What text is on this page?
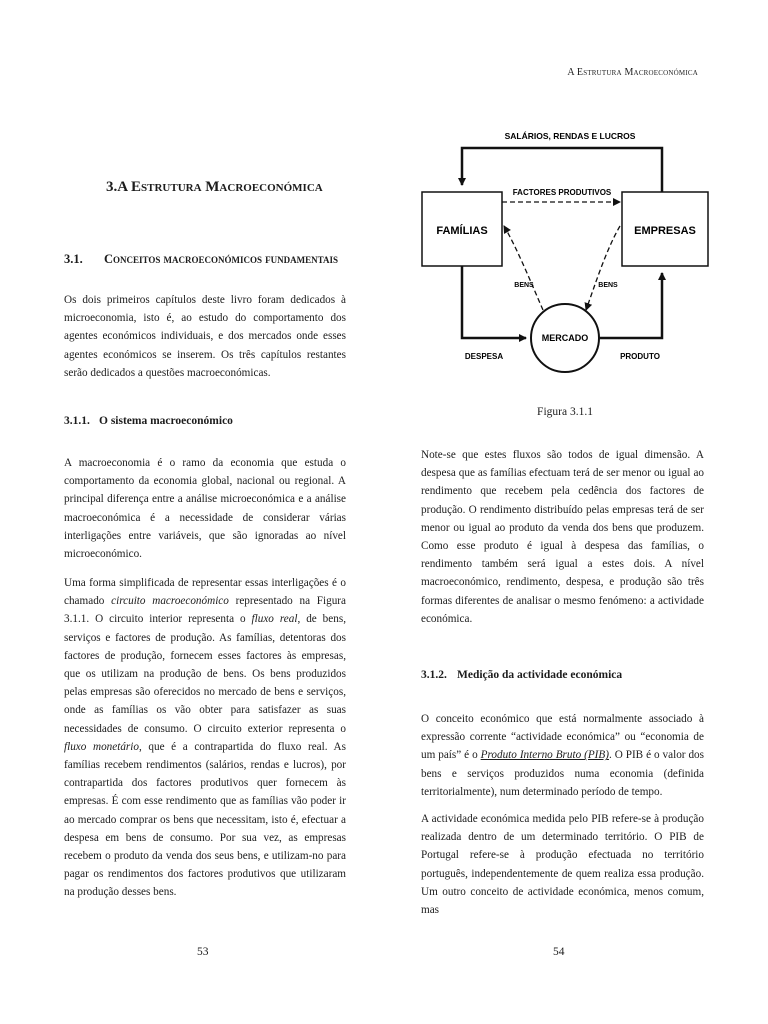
A Estrutura Macroeconómica
3.A Estrutura Macroeconómica
3.1. Conceitos macroeconómicos fundamentais
Os dois primeiros capítulos deste livro foram dedicados à microeconomia, isto é, ao estudo do comportamento dos agentes económicos individuais, e dos mercados onde esses agentes económicos se inserem. Os três capítulos restantes serão dedicados a questões macroeconómicas.
3.1.1. O sistema macroeconómico
A macroeconomia é o ramo da economia que estuda o comportamento da economia global, nacional ou regional. A principal diferença entre a análise microeconómica e a análise macroeconómica é a necessidade de considerar várias interligações entre variáveis, que são ignoradas ao nível microeconómico.
Uma forma simplificada de representar essas interligações é o chamado circuito macroeconómico representado na Figura 3.1.1. O circuito interior representa o fluxo real, de bens, serviços e factores de produção. As famílias, detentoras dos factores de produção, fornecem esses factores às empresas, que os utilizam na produção de bens. Os bens produzidos pelas empresas são oferecidos no mercado de bens e serviços, onde as famílias os vão obter para satisfazer as suas necessidades de consumo. O circuito exterior representa o fluxo monetário, que é a contrapartida do fluxo real. As famílias recebem rendimentos (salários, rendas e lucros), por contrapartida dos factores produtivos quer fornecem às empresas. É com esse rendimento que as famílias vão poder ir ao mercado comprar os bens que necessitam, isto é, efectuar a despesa em bens de consumo. Por sua vez, as empresas recebem o produto da venda dos seus bens, e utilizam-no para pagar os rendimentos dos factores produtivos que utilizaram na produção desses bens.
53
SALÁRIOS, RENDAS E LUCROS
FACTORES PRODUTIVOS
FAMÍLIAS	EMPRESAS
MERCADO
BENS	BENS
DESPESA	PRODUTO
Figura 3.1.1
Note-se que estes fluxos são todos de igual dimensão. A despesa que as famílias efectuam terá de ser menor ou igual ao rendimento que recebem pela cedência dos factores de produção. O rendimento distribuído pelas empresas terá de ser menor ou igual ao produto da venda dos bens que produzem. Como esse produto é igual à despesa das famílias, o rendimento também será igual a estes dois. A nível macroeconómico, rendimento, despesa, e produção são três formas diferentes de analisar o mesmo fenómeno: a actividade económica.
3.1.2. Medição da actividade económica
O conceito económico que está normalmente associado à expressão corrente “actividade económica” ou “economia de um país” é o Produto Interno Bruto (PIB). O PIB é o valor dos bens e serviços produzidos numa economia (definida territorialmente), num determinado período de tempo.
A actividade económica medida pelo PIB refere-se à produção realizada dentro de um determinado território. O PIB de Portugal refere-se à produção efectuada no território português, independentemente de quem realiza essa produção. Um outro conceito de actividade económica, menos comum, mas
54
